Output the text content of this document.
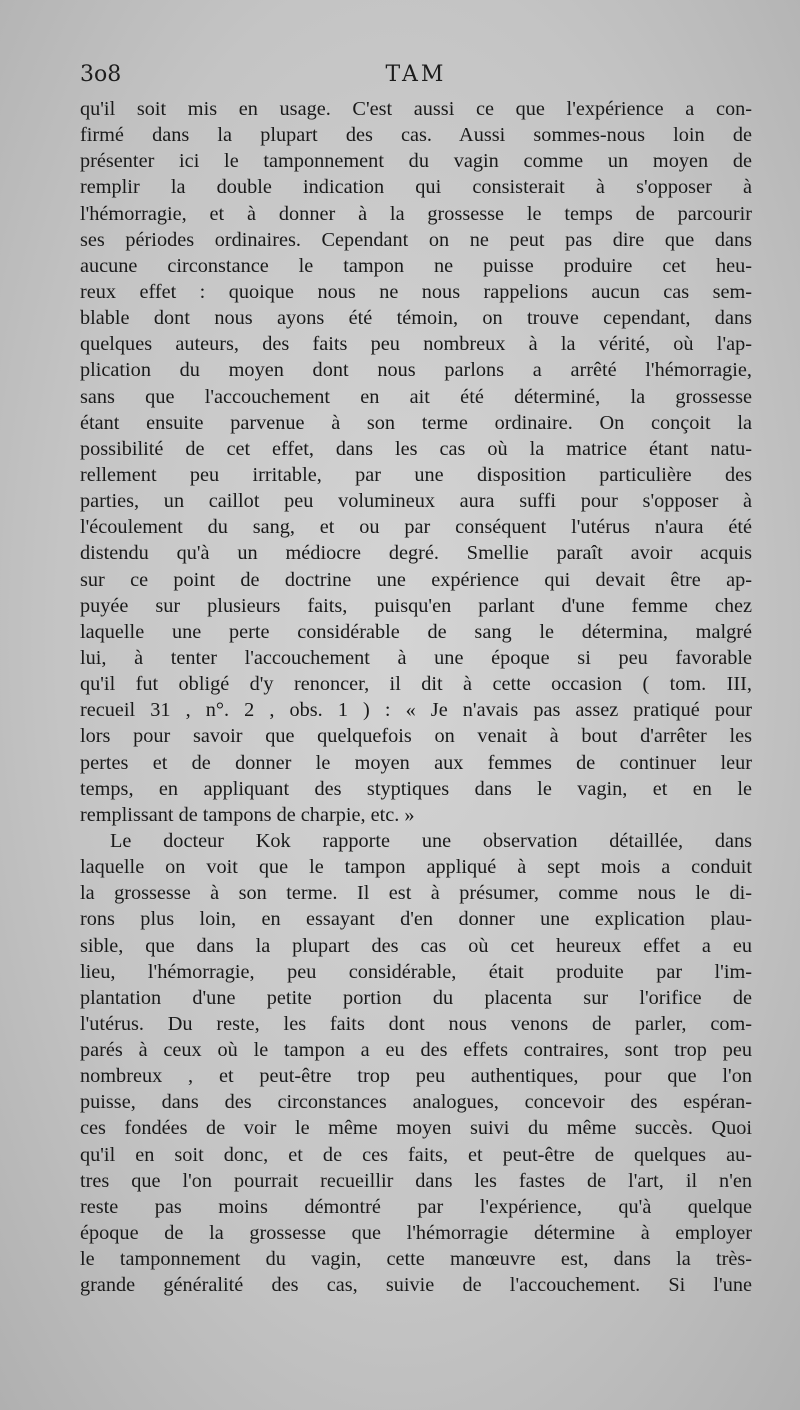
3o8	TAM
qu'il soit mis en usage. C'est aussi ce que l'expérience a con-
firmé dans la plupart des cas. Aussi sommes-nous loin de
présenter ici le tamponnement du vagin comme un moyen de
remplir la double indication qui consisterait à s'opposer à
l'hémorragie, et à donner à la grossesse le temps de parcourir
ses périodes ordinaires. Cependant on ne peut pas dire que dans
aucune circonstance le tampon ne puisse produire cet heu-
reux effet : quoique nous ne nous rappelions aucun cas sem-
blable dont nous ayons été témoin, on trouve cependant, dans
quelques auteurs, des faits peu nombreux à la vérité, où l'ap-
plication du moyen dont nous parlons a arrêté l'hémorragie,
sans que l'accouchement en ait été déterminé, la grossesse
étant ensuite parvenue à son terme ordinaire. On conçoit la
possibilité de cet effet, dans les cas où la matrice étant natu-
rellement peu irritable, par une disposition particulière des
parties, un caillot peu volumineux aura suffi pour s'opposer à
l'écoulement du sang, et ou par conséquent l'utérus n'aura été
distendu qu'à un médiocre degré. Smellie paraît avoir acquis
sur ce point de doctrine une expérience qui devait être ap-
puyée sur plusieurs faits, puisqu'en parlant d'une femme chez
laquelle une perte considérable de sang le détermina, malgré
lui, à tenter l'accouchement à une époque si peu favorable
qu'il fut obligé d'y renoncer, il dit à cette occasion ( tom. III,
recueil 31 , n°. 2 , obs. 1 ) : « Je n'avais pas assez pratiqué pour
lors pour savoir que quelquefois on venait à bout d'arrêter les
pertes et de donner le moyen aux femmes de continuer leur
temps, en appliquant des styptiques dans le vagin, et en le
remplissant de tampons de charpie, etc. »
Le docteur Kok rapporte une observation détaillée, dans
laquelle on voit que le tampon appliqué à sept mois a conduit
la grossesse à son terme. Il est à présumer, comme nous le di-
rons plus loin, en essayant d'en donner une explication plau-
sible, que dans la plupart des cas où cet heureux effet a eu
lieu, l'hémorragie, peu considérable, était produite par l'im-
plantation d'une petite portion du placenta sur l'orifice de
l'utérus. Du reste, les faits dont nous venons de parler, com-
parés à ceux où le tampon a eu des effets contraires, sont trop peu
nombreux , et peut-être trop peu authentiques, pour que l'on
puisse, dans des circonstances analogues, concevoir des espéran-
ces fondées de voir le même moyen suivi du même succès. Quoi
qu'il en soit donc, et de ces faits, et peut-être de quelques au-
tres que l'on pourrait recueillir dans les fastes de l'art, il n'en
reste pas moins démontré par l'expérience, qu'à quelque
époque de la grossesse que l'hémorragie détermine à employer
le tamponnement du vagin, cette manœuvre est, dans la très-
grande généralité des cas, suivie de l'accouchement. Si l'une
